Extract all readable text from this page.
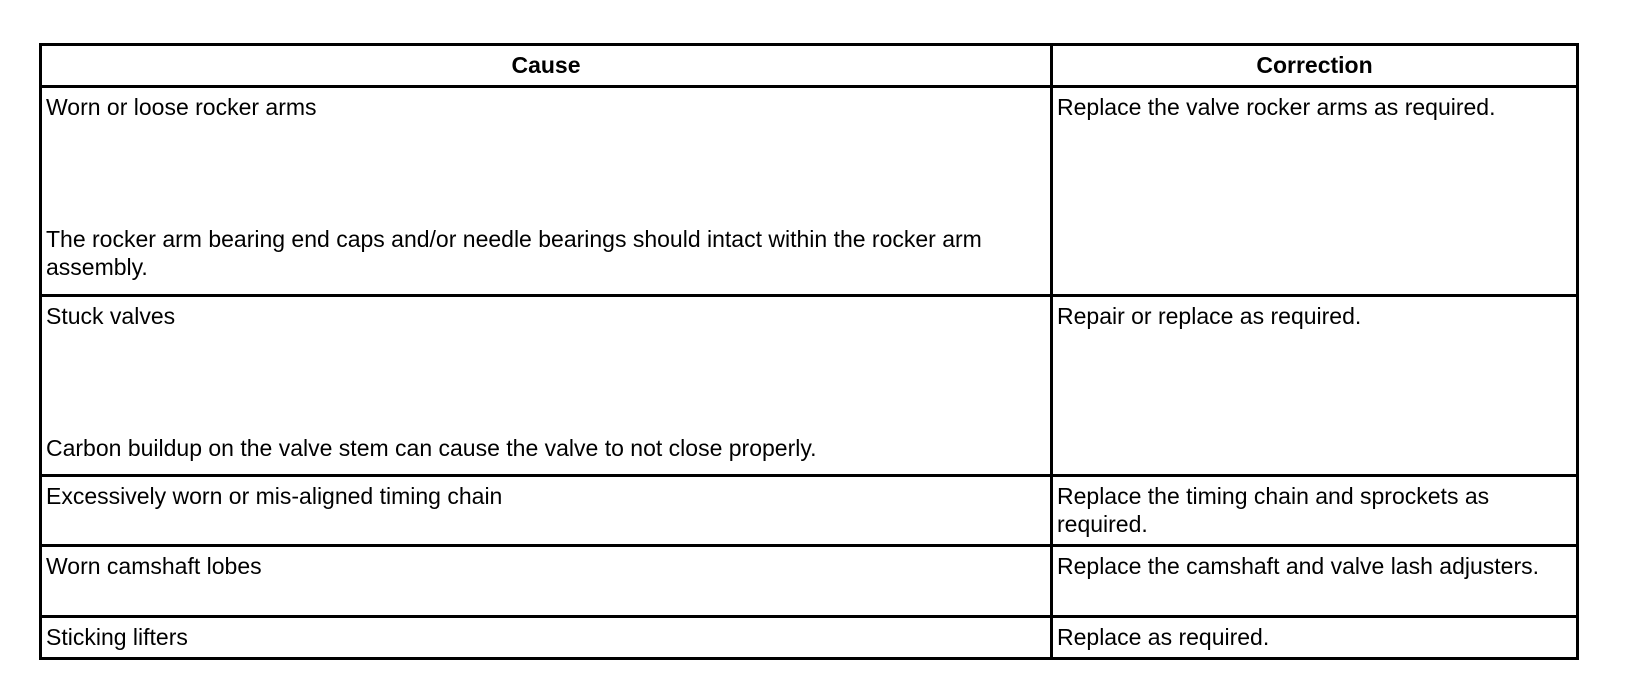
Cause	Correction

Worn or loose rocker arms
The rocker arm bearing end caps and/or needle bearings should intact within the rocker arm assembly.	Replace the valve rocker arms as required.

Stuck valves
Carbon buildup on the valve stem can cause the valve to not close properly.	Repair or replace as required.
Excessively worn or mis-aligned timing chain	Replace the timing chain and sprockets as required.
Worn camshaft lobes	Replace the camshaft and valve lash adjusters.
Sticking lifters	Replace as required.
